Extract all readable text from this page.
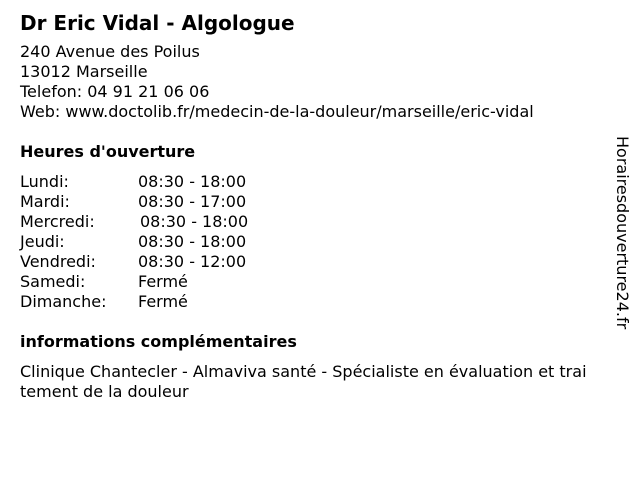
Dr Eric Vidal - Algologue
240 Avenue des Poilus
13012 Marseille
Telefon: 04 91 21 06 06
Web: www.doctolib.fr/medecin-de-la-douleur/marseille/eric-vidal
Heures d'ouverture
Lundi:	08:30 - 18:00
Mardi:	08:30 - 17:00
Mercredi:	08:30 - 18:00
Jeudi:	08:30 - 18:00
Vendredi:	08:30 - 12:00
Samedi:	Fermé
Dimanche: Fermé
informations complémentaires
Clinique Chantecler - Almaviva santé - Spécialiste en évaluation et traitement de la douleur
Horairesdouverture24.fr
